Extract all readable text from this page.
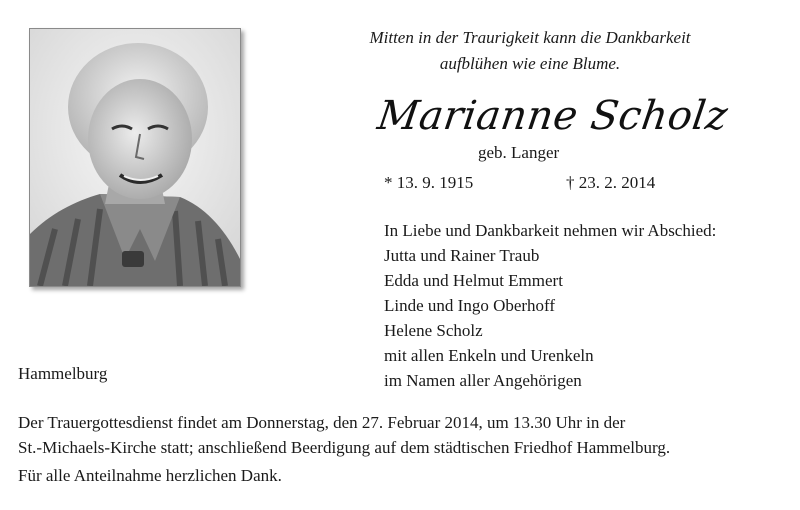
Mitten in der Traurigkeit kann die Dankbarkeit
aufblühen wie eine Blume.
Marianne Scholz
geb. Langer
* 13. 9. 1915	† 23. 2. 2014
In Liebe und Dankbarkeit nehmen wir Abschied:
Jutta und Rainer Traub
Edda und Helmut Emmert
Linde und Ingo Oberhoff
Helene Scholz
mit allen Enkeln und Urenkeln
im Namen aller Angehörigen
Hammelburg
Der Trauergottesdienst findet am Donnerstag, den 27. Februar 2014, um 13.30 Uhr in der
St.-Michaels-Kirche statt; anschließend Beerdigung auf dem städtischen Friedhof Hammelburg.
Für alle Anteilnahme herzlichen Dank.
